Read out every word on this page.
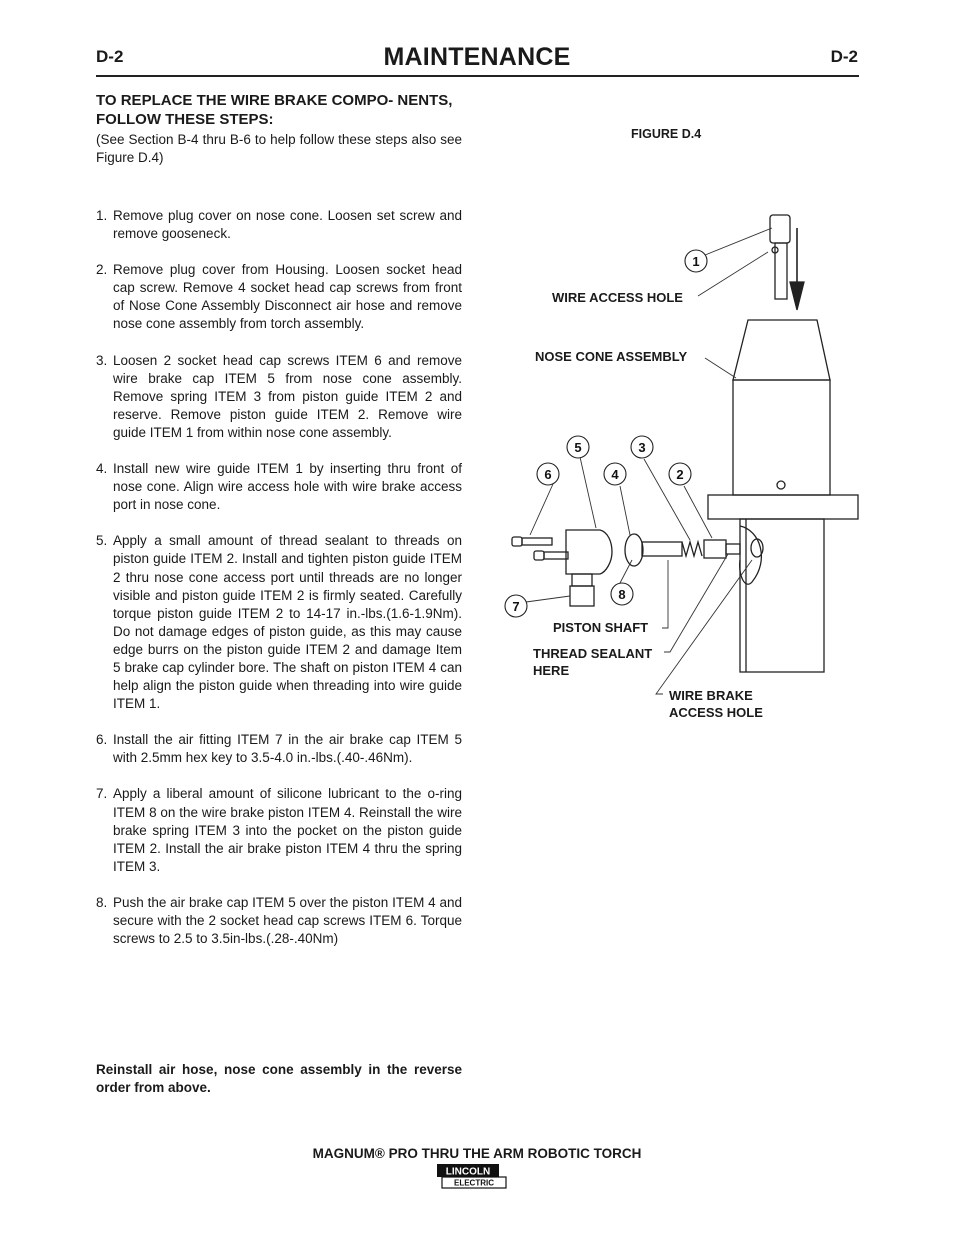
D-2	MAINTENANCE	D-2
TO REPLACE THE WIRE BRAKE COMPO- NENTS, FOLLOW THESE STEPS:
(See Section B-4 thru B-6 to help follow these steps also see Figure D.4)
1. Remove plug cover on nose cone. Loosen set screw and remove gooseneck.
2. Remove plug cover from Housing. Loosen socket head cap screw. Remove 4 socket head cap screws from front of Nose Cone Assembly Disconnect air hose and remove nose cone assembly from torch assembly.
3. Loosen 2 socket head cap screws ITEM 6 and remove wire brake cap ITEM 5 from nose cone assembly. Remove spring ITEM 3 from piston guide ITEM 2 and reserve. Remove piston guide ITEM 2. Remove wire guide ITEM 1 from within nose cone assembly.
4. Install new wire guide ITEM 1 by inserting thru front of nose cone. Align wire access hole with wire brake access port in nose cone.
5. Apply a small amount of thread sealant to threads on piston guide ITEM 2. Install and tighten piston guide ITEM 2 thru nose cone access port until threads are no longer visible and piston guide ITEM 2 is firmly seated. Carefully torque piston guide ITEM 2 to 14-17 in.-lbs.(1.6-1.9Nm). Do not damage edges of piston guide, as this may cause edge burrs on the piston guide ITEM 2 and damage Item 5 brake cap cylinder bore. The shaft on piston ITEM 4 can help align the piston guide when threading into wire guide ITEM 1.
6. Install the air fitting ITEM 7 in the air brake cap ITEM 5 with 2.5mm hex key to 3.5-4.0 in.-lbs.(.40-.46Nm).
7. Apply a liberal amount of silicone lubricant to the o-ring ITEM 8 on the wire brake piston ITEM 4. Reinstall the wire brake spring ITEM 3 into the pocket on the piston guide ITEM 2. Install the air brake piston ITEM 4 thru the spring ITEM 3.
8. Push the air brake cap ITEM 5 over the piston ITEM 4 and secure with the 2 socket head cap screws ITEM 6. Torque screws to 2.5 to 3.5in-lbs.(.28-.40Nm)
Reinstall air hose, nose cone assembly in the reverse order from above.
FIGURE D.4
1
5	3
6	4	2
8
7
WIRE ACCESS HOLE
NOSE CONE ASSEMBLY
PISTON SHAFT
THREAD SEALANT
HERE
WIRE BRAKE
ACCESS HOLE
MAGNUM® PRO THRU THE ARM ROBOTIC TORCH
LINCOLN
ELECTRIC
